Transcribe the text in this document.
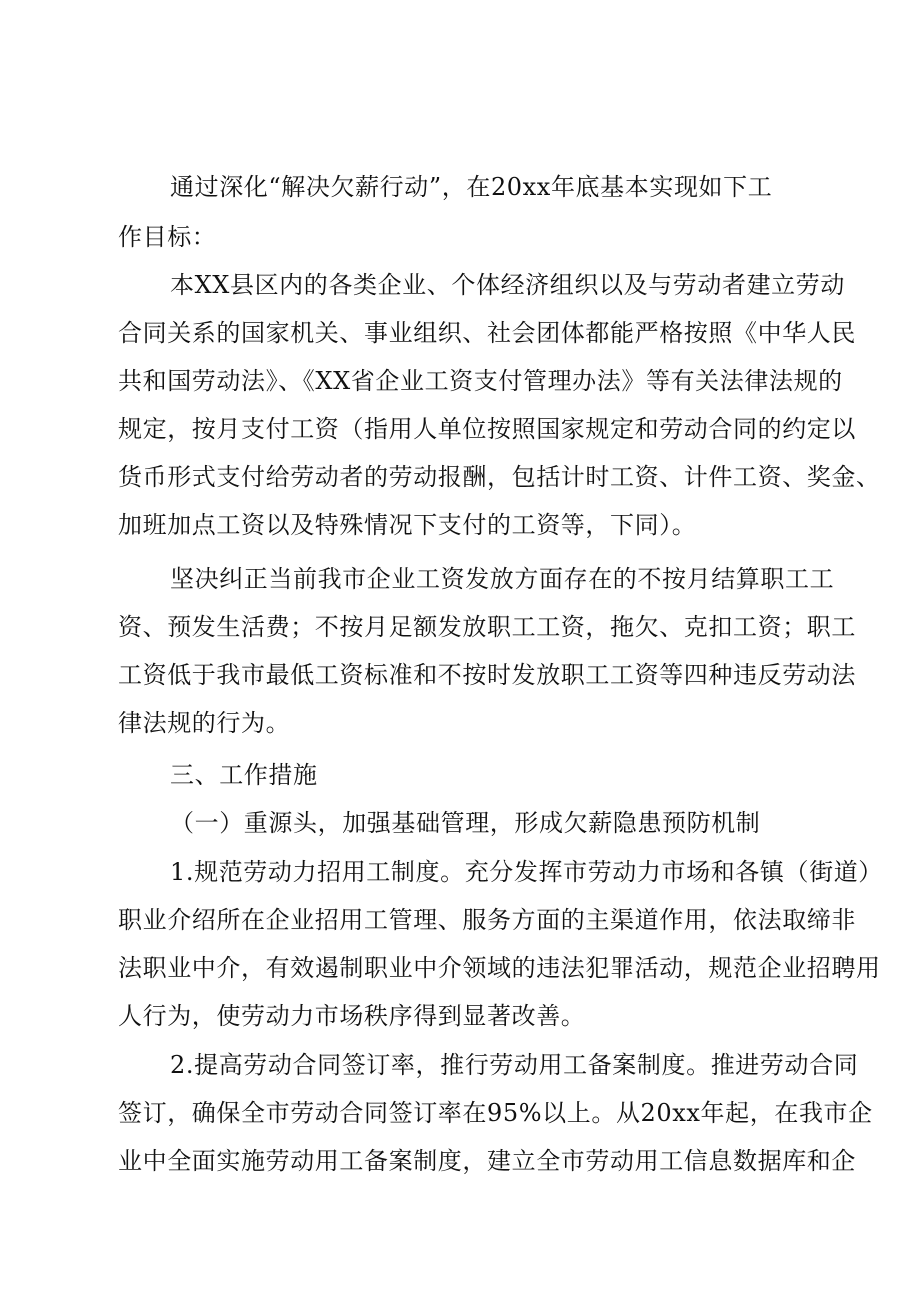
通过深化“解决欠薪行动”，在20xx年底基本实现如下工
作目标：
本XX县区内的各类企业、个体经济组织以及与劳动者建立劳动
合同关系的国家机关、事业组织、社会团体都能严格按照《中华人民
共和国劳动法》、《XX省企业工资支付管理办法》等有关法律法规的
规定，按月支付工资（指用人单位按照国家规定和劳动合同的约定以
货币形式支付给劳动者的劳动报酬，包括计时工资、计件工资、奖金、
加班加点工资以及特殊情况下支付的工资等，下同）。
坚决纠正当前我市企业工资发放方面存在的不按月结算职工工
资、预发生活费；不按月足额发放职工工资，拖欠、克扣工资；职工
工资低于我市最低工资标准和不按时发放职工工资等四种违反劳动法
律法规的行为。
三、工作措施
（一）重源头，加强基础管理，形成欠薪隐患预防机制
1.规范劳动力招用工制度。充分发挥市劳动力市场和各镇（街道）
职业介绍所在企业招用工管理、服务方面的主渠道作用，依法取缔非
法职业中介，有效遏制职业中介领域的违法犯罪活动，规范企业招聘用
人行为，使劳动力市场秩序得到显著改善。
2.提高劳动合同签订率，推行劳动用工备案制度。推进劳动合同
签订，确保全市劳动合同签订率在95%以上。从20xx年起，在我市企
业中全面实施劳动用工备案制度，建立全市劳动用工信息数据库和企
